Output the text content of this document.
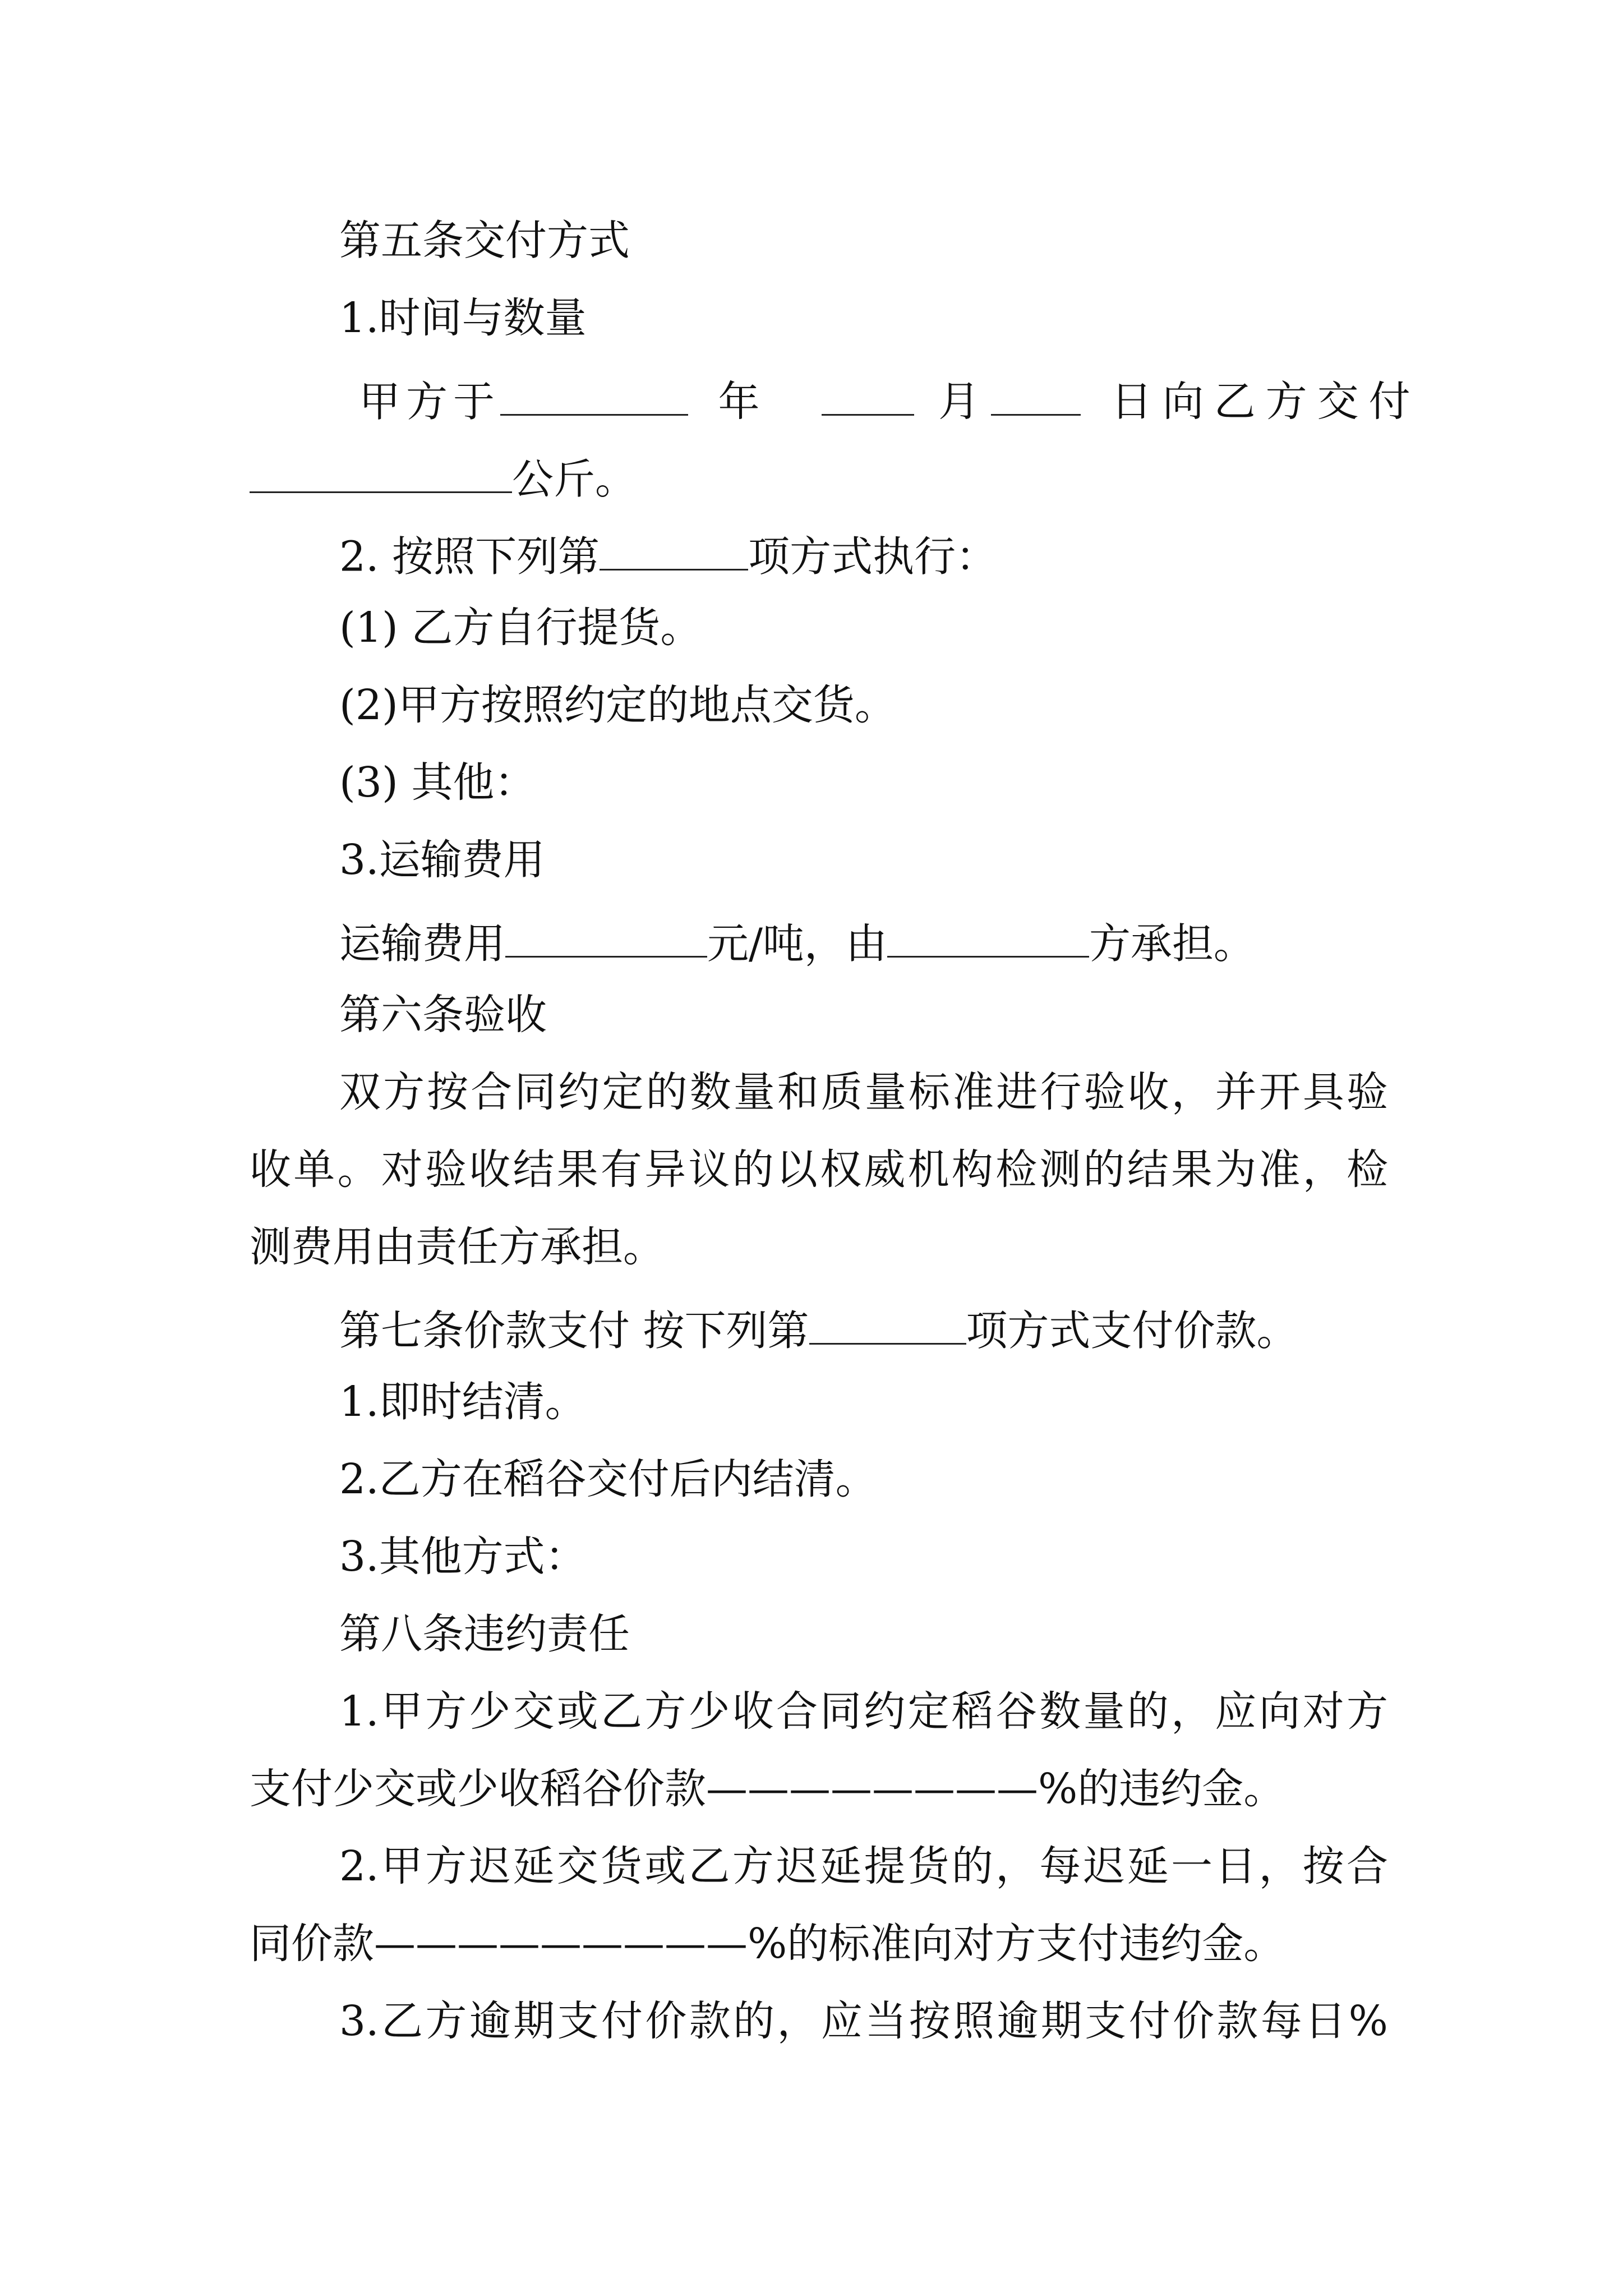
第五条交付方式

1.时间与数量

甲方于	年	月	日向乙方交付

公斤。

2. 按照下列第	项方式执行：

(1) 乙方自行提货。

(2)甲方按照约定的地点交货。

(3) 其他：

3.运输费用

运输费用	元/吨，由	方承担。

第六条验收

双方按合同约定的数量和质量标准进行验收，并开具验

收单。对验收结果有异议的以权威机构检测的结果为准，检

测费用由责任方承担。

第七条价款支付 按下列第	项方式支付价款。

1.即时结清。

2.乙方在稻谷交付后内结清。

3.其他方式：

第八条违约责任

1.甲方少交或乙方少收合同约定稻谷数量的，应向对方

支付少交或少收稻谷价款————————%的违约金。

2.甲方迟延交货或乙方迟延提货的，每迟延一日，按合

同价款—————————%的标准向对方支付违约金。

3.乙方逾期支付价款的，应当按照逾期支付价款每日%
